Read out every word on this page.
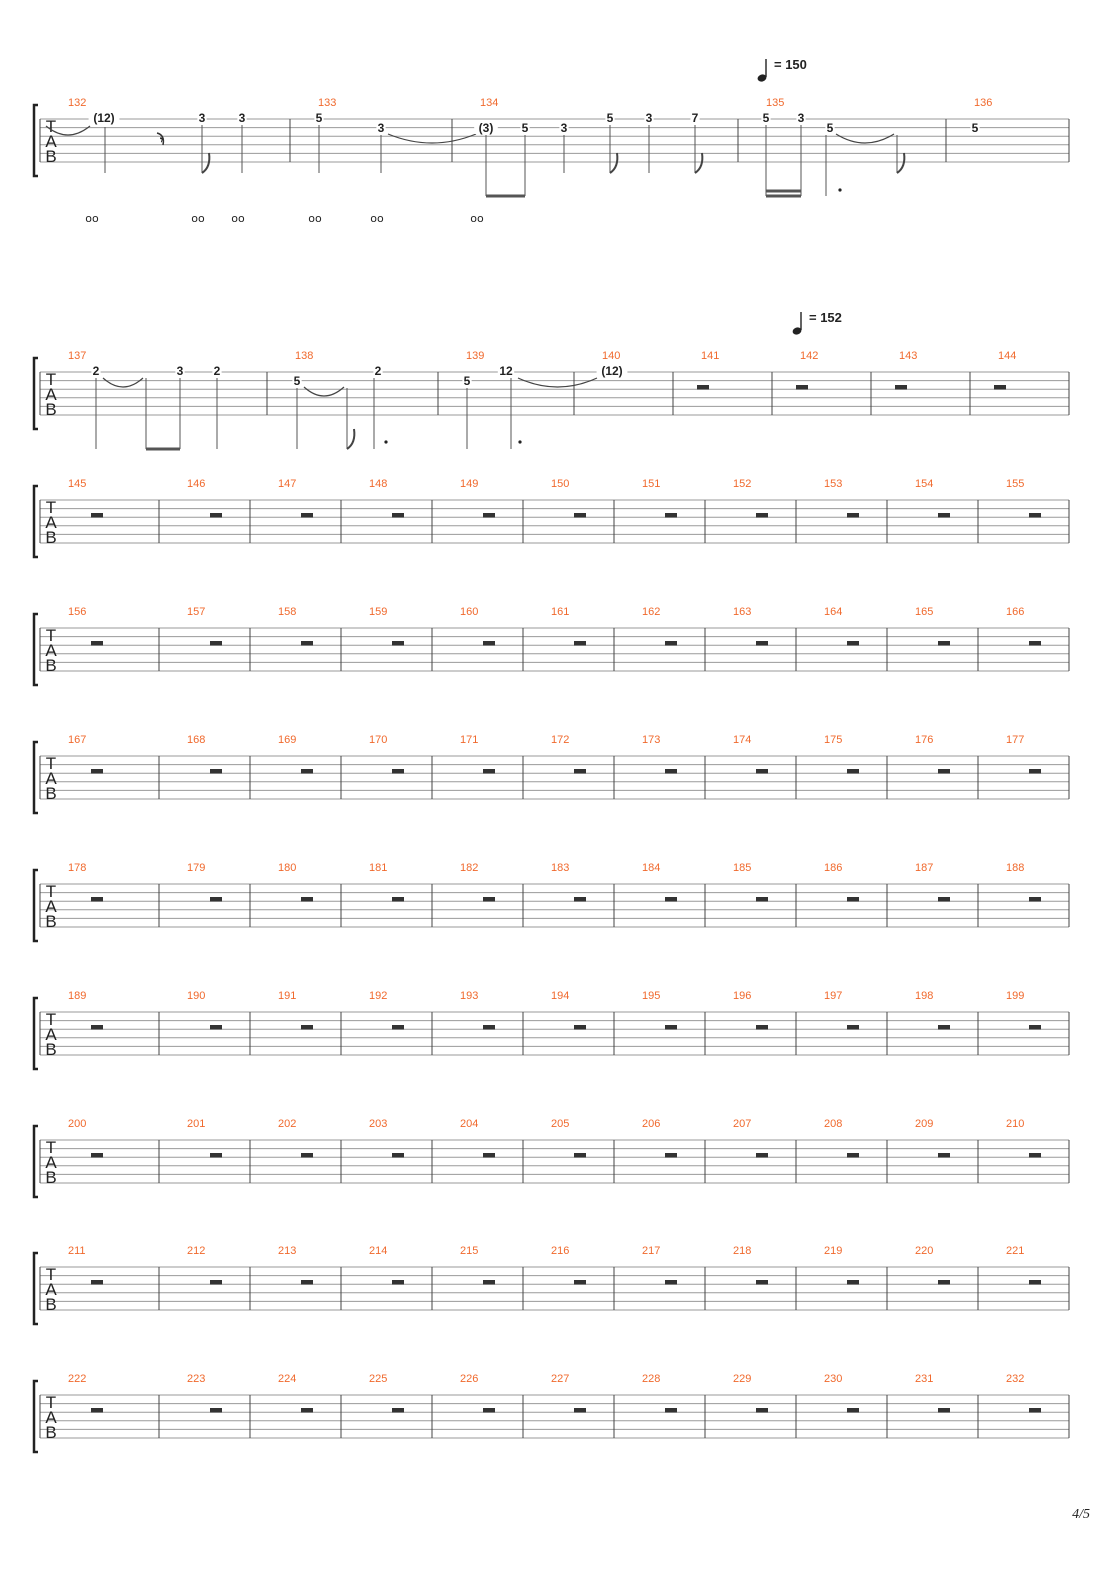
T
A
B
132	133	134	135	136
T
A
B
137	138	139	140	141	142	143	144
T
A
B
145	146	147	148	149	150	151	152	153	154	155
T
A
B
156	157	158	159	160	161	162	163	164	165	166
T
A
B
167	168	169	170	171	172	173	174	175	176	177
T
A
B
178	179	180	181	182	183	184	185	186	187	188
T
A
B
189	190	191	192	193	194	195	196	197	198	199
T
A
B
200	201	202	203	204	205	206	207	208	209	210
T
A
B
211	212	213	214	215	216	217	218	219	220	221
T
A
B
222	223	224	225	226	227	228	229	230	231	232
= 150
(12)
oo
𝄾
3
oo
3
oo
5
oo
3
oo
(3)
oo
5	3
5	3	7	5 3
5	5
= 152
2	3	2
5
2
5
12	(12)
4/5
